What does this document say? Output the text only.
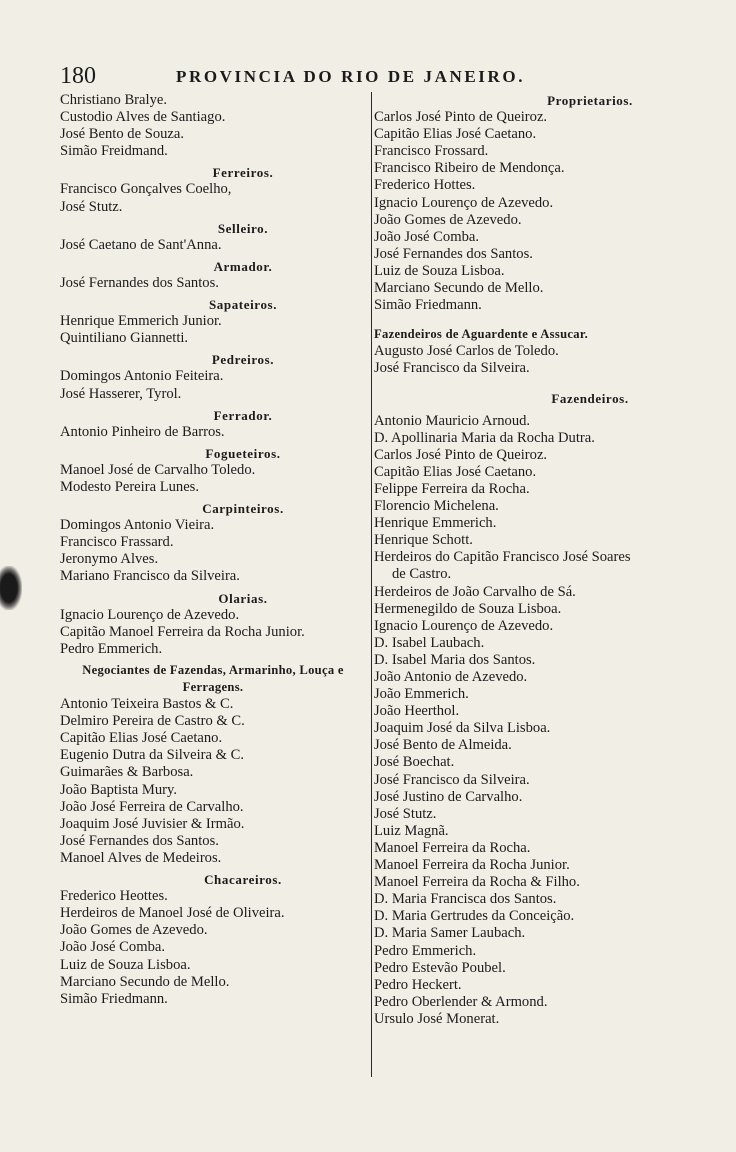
180	PROVINCIA DO RIO DE JANEIRO.
Christiano Bralye.
Custodio Alves de Santiago.
José Bento de Souza.
Simão Freidmand.
Ferreiros.
Francisco Gonçalves Coelho,
José Stutz.
Selleiro.
José Caetano de Sant'Anna.
Armador.
José Fernandes dos Santos.
Sapateiros.
Henrique Emmerich Junior.
Quintiliano Giannetti.
Pedreiros.
Domingos Antonio Feiteira.
José Hasserer, Tyrol.
Ferrador.
Antonio Pinheiro de Barros.
Fogueteiros.
Manoel José de Carvalho Toledo.
Modesto Pereira Lunes.
Carpinteiros.
Domingos Antonio Vieira.
Francisco Frassard.
Jeronymo Alves.
Mariano Francisco da Silveira.
Olarias.
Ignacio Lourenço de Azevedo.
Capitão Manoel Ferreira da Rocha Junior.
Pedro Emmerich.
Negociantes de Fazendas, Armarinho, Louça e Ferragens.
Antonio Teixeira Bastos & C.
Delmiro Pereira de Castro & C.
Capitão Elias José Caetano.
Eugenio Dutra da Silveira & C.
Guimarães & Barbosa.
João Baptista Mury.
João José Ferreira de Carvalho.
Joaquim José Juvisier & Irmão.
José Fernandes dos Santos.
Manoel Alves de Medeiros.
Chacareiros.
Frederico Heottes.
Herdeiros de Manoel José de Oliveira.
João Gomes de Azevedo.
João José Comba.
Luiz de Souza Lisboa.
Marciano Secundo de Mello.
Simão Friedmann.
Proprietarios.
Carlos José Pinto de Queiroz.
Capitão Elias José Caetano.
Francisco Frossard.
Francisco Ribeiro de Mendonça.
Frederico Hottes.
Ignacio Lourenço de Azevedo.
João Gomes de Azevedo.
João José Comba.
José Fernandes dos Santos.
Luiz de Souza Lisboa.
Marciano Secundo de Mello.
Simão Friedmann.
Fazendeiros de Aguardente e Assucar.
Augusto José Carlos de Toledo.
José Francisco da Silveira.
Fazendeiros.
Antonio Mauricio Arnoud.
D. Apollinaria Maria da Rocha Dutra.
Carlos José Pinto de Queiroz.
Capitão Elias José Caetano.
Felippe Ferreira da Rocha.
Florencio Michelena.
Henrique Emmerich.
Henrique Schott.
Herdeiros do Capitão Francisco José Soares
de Castro.
Herdeiros de João Carvalho de Sá.
Hermenegildo de Souza Lisboa.
Ignacio Lourenço de Azevedo.
D. Isabel Laubach.
D. Isabel Maria dos Santos.
João Antonio de Azevedo.
João Emmerich.
João Heerthol.
Joaquim José da Silva Lisboa.
José Bento de Almeida.
José Boechat.
José Francisco da Silveira.
José Justino de Carvalho.
José Stutz.
Luiz Magnã.
Manoel Ferreira da Rocha.
Manoel Ferreira da Rocha Junior.
Manoel Ferreira da Rocha & Filho.
D. Maria Francisca dos Santos.
D. Maria Gertrudes da Conceição.
D. Maria Samer Laubach.
Pedro Emmerich.
Pedro Estevão Poubel.
Pedro Heckert.
Pedro Oberlender & Armond.
Ursulo José Monerat.
